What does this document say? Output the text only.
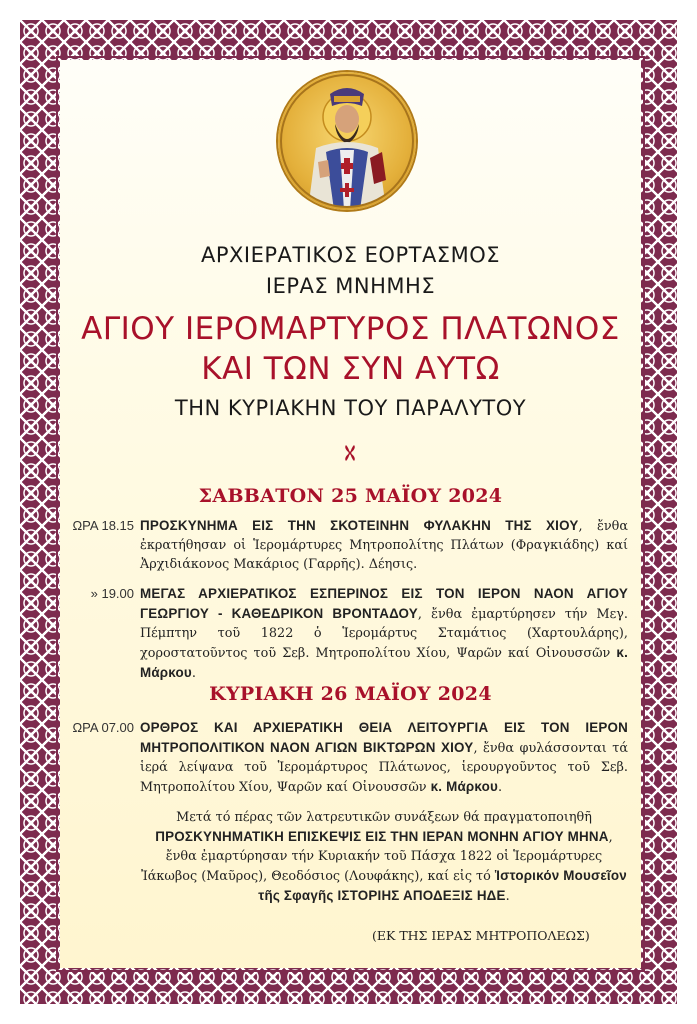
ΑΡΧΙΕΡΑΤΙΚΟΣ ΕΟΡΤΑΣΜΟΣ
ΙΕΡΑΣ ΜΝΗΜΗΣ
ΑΓΙΟΥ ΙΕΡΟΜΑΡΤΥΡΟΣ ΠΛΑΤΩΝΟΣ
ΚΑΙ ΤΩΝ ΣΥΝ ΑΥΤΩ
ΤΗΝ ΚΥΡΙΑΚΗΝ ΤΟΥ ΠΑΡΑΛΥΤΟΥ
ΣΑΒΒΑΤΟΝ 25 ΜΑΪΟΥ 2024
ΩΡΑ 18.15 ΠΡΟΣΚΥΝΗΜΑ ΕΙΣ ΤΗΝ ΣΚΟΤΕΙΝΗΝ ΦΥΛΑΚΗΝ ΤΗΣ ΧΙΟΥ, ἔνθα ἐκρατήθησαν οἱ Ἱερομάρτυρες Μητροπολίτης Πλάτων (Φραγκιάδης) καί Ἀρχιδιάκονος Μακάριος (Γαρρῆς). Δέησις.
» 19.00 ΜΕΓΑΣ ΑΡΧΙΕΡΑΤΙΚΟΣ ΕΣΠΕΡΙΝΟΣ ΕΙΣ ΤΟΝ ΙΕΡΟΝ ΝΑΟΝ ΑΓΙΟΥ ΓΕΩΡΓΙΟΥ - ΚΑΘΕΔΡΙΚΟΝ ΒΡΟΝΤΑΔΟΥ, ἔνθα ἐμαρτύρησεν τήν Μεγ. Πέμπτην τοῦ 1822 ὁ Ἱερομάρτυς Σταμάτιος (Χαρτουλάρης), χοροστατοῦντος τοῦ Σεβ. Μητροπολίτου Χίου, Ψαρῶν καί Οἰνουσσῶν κ. Μάρκου.
ΚΥΡΙΑΚΗ 26 ΜΑΪΟΥ 2024
ΩΡΑ 07.00 ΟΡΘΡΟΣ ΚΑΙ ΑΡΧΙΕΡΑΤΙΚΗ ΘΕΙΑ ΛΕΙΤΟΥΡΓΙΑ ΕΙΣ ΤΟΝ ΙΕΡΟΝ ΜΗΤΡΟΠΟΛΙΤΙΚΟΝ ΝΑΟΝ ΑΓΙΩΝ ΒΙΚΤΩΡΩΝ ΧΙΟΥ, ἔνθα φυλάσσονται τά ἱερά λείψανα τοῦ Ἱερομάρτυρος Πλάτωνος, ἱερουργοῦντος τοῦ Σεβ. Μητροπολίτου Χίου, Ψαρῶν καί Οἰνουσσῶν κ. Μάρκου.
Μετά τό πέρας τῶν λατρευτικῶν συνάξεων θά πραγματοποιηθῆ ΠΡΟΣΚΥΝΗΜΑΤΙΚΗ ΕΠΙΣΚΕΨΙΣ ΕΙΣ ΤΗΝ ΙΕΡΑΝ ΜΟΝΗΝ ΑΓΙΟΥ ΜΗΝΑ, ἔνθα ἐμαρτύρησαν τήν Κυριακήν τοῦ Πάσχα 1822 οἱ Ἱερομάρτυρες Ἰάκωβος (Μαῦρος), Θεοδόσιος (Λουφάκης), καί εἰς τό Ἱστορικόν Μουσεῖον τῆς Σφαγῆς ΙΣΤΟΡΙΗΣ ΑΠΟΔΕΞΙΣ ΗΔΕ.
(ΕΚ ΤΗΣ ΙΕΡΑΣ ΜΗΤΡΟΠΟΛΕΩΣ)
